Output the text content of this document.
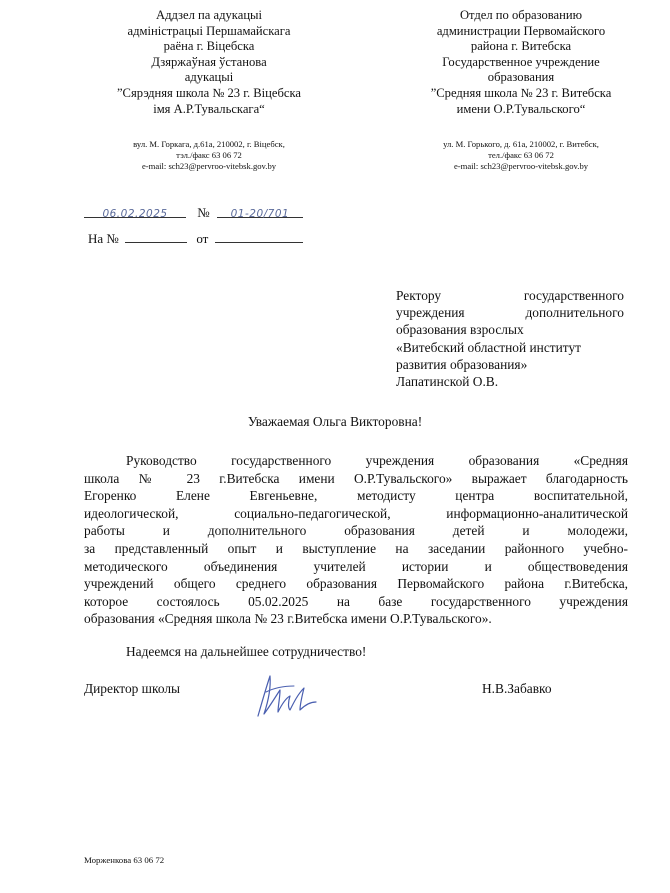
Аддзел па адукацыі
адміністрацыі Першамайскага
раёна г. Віцебска
Дзяржаўная ўстанова
адукацыі
”Сярэдняя школа № 23 г. Віцебска
імя А.Р.Тувальскага“
вул. М. Горкага, д.61а, 210002, г. Віцебск,
тэл./факс 63 06 72
e-mail: sch23@pervroo-vitebsk.gov.by
Отдел по образованию
администрации Первомайского
района г. Витебска
Государственное учреждение
образования
”Средняя школа № 23 г. Витебска
имени О.Р.Тувальского“
ул. М. Горького, д. 61а, 210002, г. Витебск,
тел./факс 63 06 72
e-mail: sch23@pervroo-vitebsk.gov.by
06.02.2025 № 01-20/701
На №	от
Ректору государственного
учреждения дополнительного
образования взрослых
«Витебский областной институт
развития образования»
Лапатинской О.В.
Уважаемая Ольга Викторовна!
Руководство государственного учреждения образования «Средняя
школа № 23 г.Витебска имени О.Р.Тувальского» выражает благодарность
Егоренко Елене Евгеньевне, методисту центра воспитательной,
идеологической, социально-педагогической, информационно-аналитической
работы и дополнительного образования детей и молодежи,
за представленный опыт и выступление на заседании районного учебно-
методического объединения учителей истории и обществоведения
учреждений общего среднего образования Первомайского района г.Витебска,
которое состоялось 05.02.2025 на базе государственного учреждения
образования «Средняя школа № 23 г.Витебска имени О.Р.Тувальского».
Надеемся на дальнейшее сотрудничество!
Директор школы	Н.В.Забавко
Морженкова 63 06 72
